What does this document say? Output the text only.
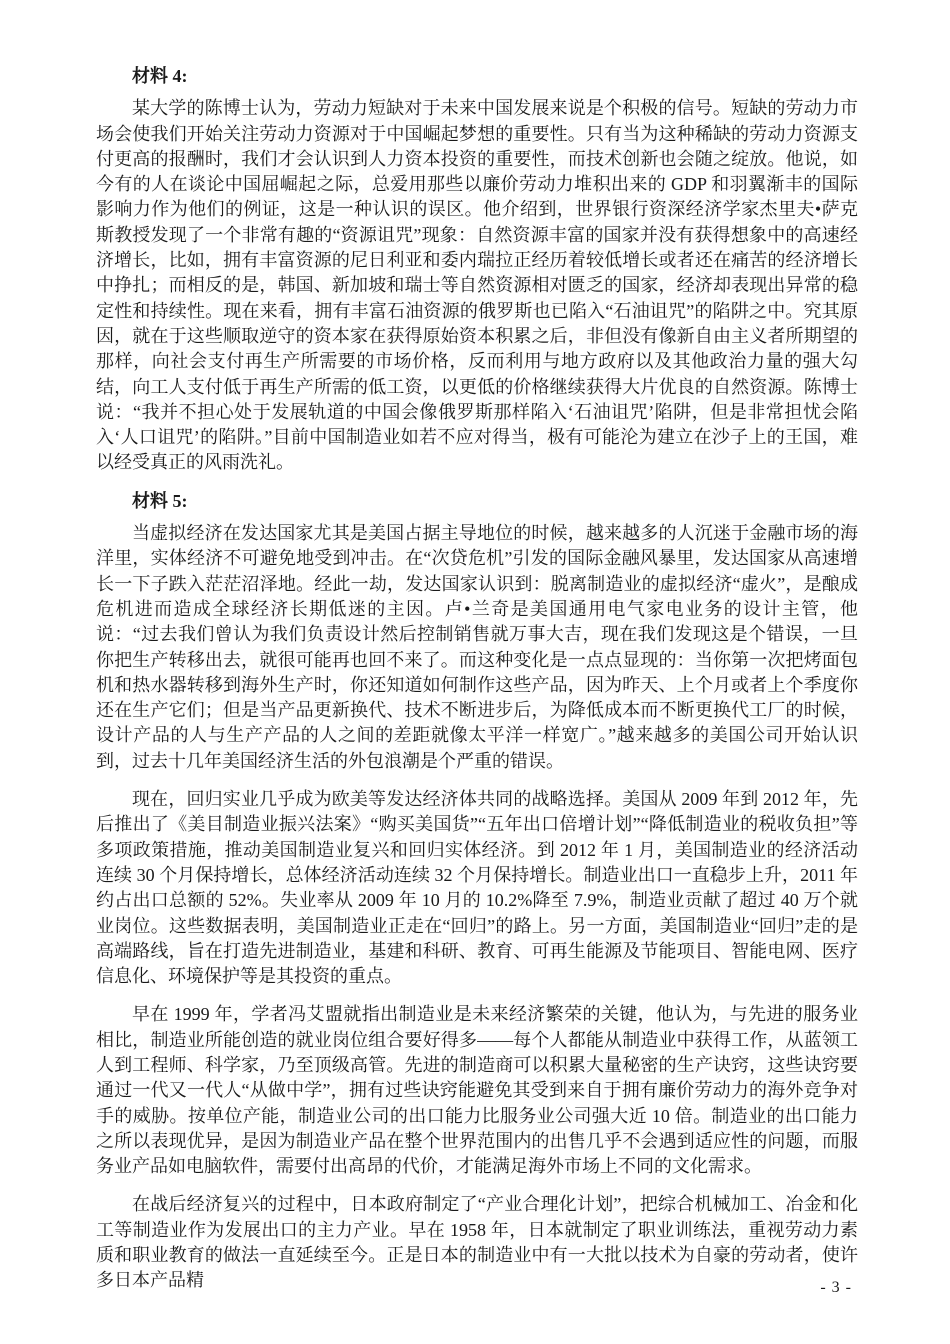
材料 4:

某大学的陈博士认为，劳动力短缺对于未来中国发展来说是个积极的信号。短缺的劳动力市场会使我们开始关注劳动力资源对于中国崛起梦想的重要性。只有当为这种稀缺的劳动力资源支付更高的报酬时，我们才会认识到人力资本投资的重要性，而技术创新也会随之绽放。他说，如今有的人在谈论中国屈崛起之际，总爱用那些以廉价劳动力堆积出来的 GDP 和羽翼渐丰的国际影响力作为他们的例证，这是一种认识的误区。他介绍到，世界银行资深经济学家杰里夫•萨克斯教授发现了一个非常有趣的“资源诅咒”现象：自然资源丰富的国家并没有获得想象中的高速经济增长，比如，拥有丰富资源的尼日利亚和委内瑞拉正经历着较低增长或者还在痛苦的经济增长中挣扎；而相反的是，韩国、新加坡和瑞士等自然资源相对匮乏的国家，经济却表现出异常的稳定性和持续性。现在来看，拥有丰富石油资源的俄罗斯也已陷入“石油诅咒”的陷阱之中。究其原因，就在于这些顺取逆守的资本家在获得原始资本积累之后，非但没有像新自由主义者所期望的那样，向社会支付再生产所需要的市场价格，反而利用与地方政府以及其他政治力量的强大勾结，向工人支付低于再生产所需的低工资，以更低的价格继续获得大片优良的自然资源。陈博士说：“我并不担心处于发展轨道的中国会像俄罗斯那样陷入‘石油诅咒’陷阱，但是非常担忧会陷入‘人口诅咒’的陷阱。”目前中国制造业如若不应对得当，极有可能沦为建立在沙子上的王国，难以经受真正的风雨洗礼。

材料 5:

当虚拟经济在发达国家尤其是美国占据主导地位的时候，越来越多的人沉迷于金融市场的海洋里，实体经济不可避免地受到冲击。在“次贷危机”引发的国际金融风暴里，发达国家从高速增长一下子跌入茫茫沼泽地。经此一劫，发达国家认识到：脱离制造业的虚拟经济“虚火”，是酿成危机进而造成全球经济长期低迷的主因。卢•兰奇是美国通用电气家电业务的设计主管，他说：“过去我们曾认为我们负责设计然后控制销售就万事大吉，现在我们发现这是个错误，一旦你把生产转移出去，就很可能再也回不来了。而这种变化是一点点显现的：当你第一次把烤面包机和热水器转移到海外生产时，你还知道如何制作这些产品，因为昨天、上个月或者上个季度你还在生产它们；但是当产品更新换代、技术不断进步后，为降低成本而不断更换代工厂的时候，设计产品的人与生产产品的人之间的差距就像太平洋一样宽广。”越来越多的美国公司开始认识到，过去十几年美国经济生活的外包浪潮是个严重的错误。

现在，回归实业几乎成为欧美等发达经济体共同的战略选择。美国从 2009 年到 2012 年，先后推出了《美目制造业振兴法案》“购买美国货”“五年出口倍增计划”“降低制造业的税收负担”等多项政策措施，推动美国制造业复兴和回归实体经济。到 2012 年 1 月，美国制造业的经济活动连续 30 个月保持增长，总体经济活动连续 32 个月保持增长。制造业出口一直稳步上升，2011 年约占出口总额的 52%。失业率从 2009 年 10 月的 10.2%降至 7.9%，制造业贡献了超过 40 万个就业岗位。这些数据表明，美国制造业正走在“回归”的路上。另一方面，美国制造业“回归”走的是高端路线，旨在打造先进制造业，基建和科研、教育、可再生能源及节能项目、智能电网、医疗信息化、环境保护等是其投资的重点。

早在 1999 年，学者冯艾盟就指出制造业是未来经济繁荣的关键，他认为，与先进的服务业相比，制造业所能创造的就业岗位组合要好得多——每个人都能从制造业中获得工作，从蓝领工人到工程师、科学家，乃至顶级高管。先进的制造商可以积累大量秘密的生产诀窍，这些诀窍要通过一代又一代人“从做中学”，拥有过些诀窍能避免其受到来自于拥有廉价劳动力的海外竞争对手的威胁。按单位产能，制造业公司的出口能力比服务业公司强大近 10 倍。制造业的出口能力之所以表现优异，是因为制造业产品在整个世界范围内的出售几乎不会遇到适应性的问题，而服务业产品如电脑软件，需要付出高昂的代价，才能满足海外市场上不同的文化需求。

在战后经济复兴的过程中，日本政府制定了“产业合理化计划”，把综合机械加工、冶金和化工等制造业作为发展出口的主力产业。早在 1958 年，日本就制定了职业训练法，重视劳动力素质和职业教育的做法一直延续至今。正是日本的制造业中有一大批以技术为自豪的劳动者，使许多日本产品精	- 3 -
